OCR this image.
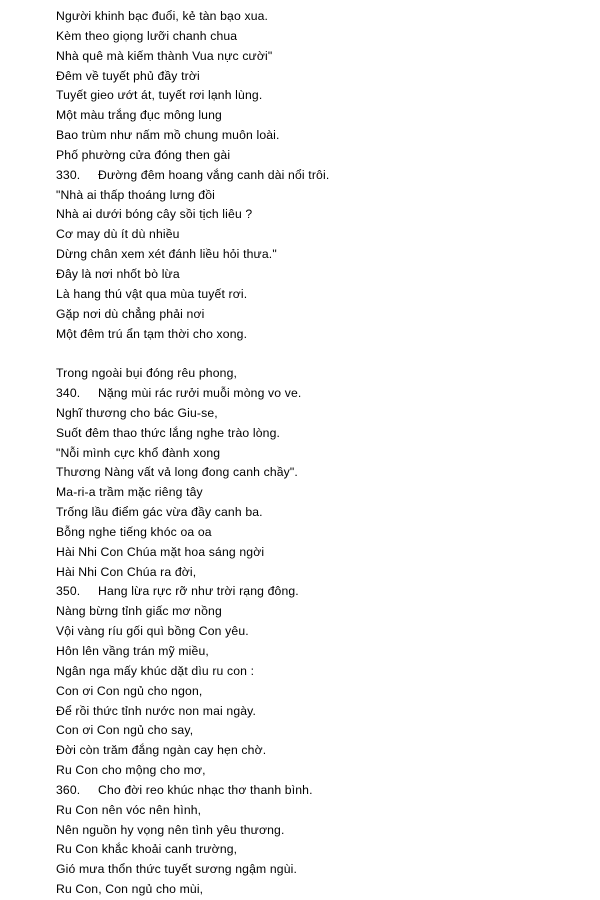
Người khinh bạc đuổi, kẻ tàn bạo xua.
Kèm theo giọng lưỡi chanh chua
Nhà quê mà kiếm thành Vua nực cười"
Đêm về tuyết phủ đầy trời
Tuyết gieo ướt át, tuyết rơi lạnh lùng.
Một màu trắng đục mông lung
Bao trùm như nấm mồ chung muôn loài.
Phố phường cửa đóng then gài
330. Đường đêm hoang vắng canh dài nổi trôi.
"Nhà ai thấp thoáng lưng đồi
Nhà ai dưới bóng cây sồi tịch liêu ?
Cơ may dù ít dù nhiều
Dừng chân xem xét đánh liều hỏi thưa."
Đây là nơi nhốt bò lừa
Là hang thú vật qua mùa tuyết rơi.
Gặp nơi dù chẳng phải nơi
Một đêm trú ẩn tạm thời cho xong.
Trong ngoài bụi đóng rêu phong,
340. Nặng mùi rác rưởi muỗi mòng vo ve.
Nghĩ thương cho bác Giu-se,
Suốt đêm thao thức lắng nghe trào lòng.
"Nỗi mình cực khổ đành xong
Thương Nàng vất vả long đong canh chầy".
Ma-ri-a trầm mặc riêng tây
Trống lầu điểm gác vừa đầy canh ba.
Bỗng nghe tiếng khóc oa oa
Hài Nhi Con Chúa mặt hoa sáng ngời
Hài Nhi Con Chúa ra đời,
350. Hang lừa rực rỡ như trời rạng đông.
Nàng bừng tỉnh giấc mơ nồng
Vội vàng ríu gối quì bồng Con yêu.
Hôn lên vầng trán mỹ miều,
Ngân nga mấy khúc dặt dìu ru con :
Con ơi Con ngủ cho ngon,
Để rồi thức tỉnh nước non mai ngày.
Con ơi Con ngủ cho say,
Đời còn trăm đắng ngàn cay hẹn chờ.
Ru Con cho mộng cho mơ,
360. Cho đời reo khúc nhạc thơ thanh bình.
Ru Con nên vóc nên hình,
Nên nguồn hy vọng nên tình yêu thương.
Ru Con khắc khoải canh trường,
Gió mưa thổn thức tuyết sương ngậm ngùi.
Ru Con, Con ngủ cho mùi,
